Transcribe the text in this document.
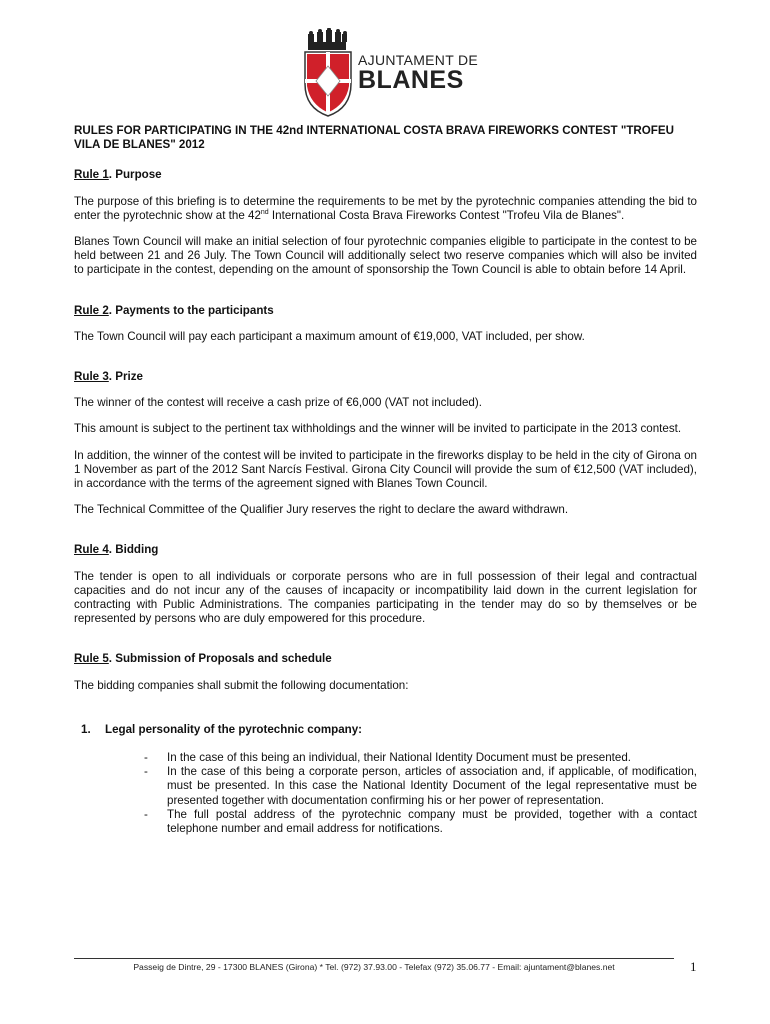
AJUNTAMENT DE
BLANES
RULES FOR PARTICIPATING IN THE 42nd INTERNATIONAL COSTA BRAVA FIREWORKS CONTEST "TROFEU VILA DE BLANES" 2012
Rule 1. Purpose

The purpose of this briefing is to determine the requirements to be met by the pyrotechnic companies attending the bid to enter the pyrotechnic show at the 42nd International Costa Brava Fireworks Contest "Trofeu Vila de Blanes".

Blanes Town Council will make an initial selection of four pyrotechnic companies eligible to participate in the contest to be held between 21 and 26 July. The Town Council will additionally select two reserve companies which will also be invited to participate in the contest, depending on the amount of sponsorship the Town Council is able to obtain before 14 April.

Rule 2. Payments to the participants

The Town Council will pay each participant a maximum amount of €19,000, VAT included, per show.

Rule 3. Prize

The winner of the contest will receive a cash prize of €6,000 (VAT not included).

This amount is subject to the pertinent tax withholdings and the winner will be invited to participate in the 2013 contest.

In addition, the winner of the contest will be invited to participate in the fireworks display to be held in the city of Girona on 1 November as part of the 2012 Sant Narcís Festival. Girona City Council will provide the sum of €12,500 (VAT included), in accordance with the terms of the agreement signed with Blanes Town Council.

The Technical Committee of the Qualifier Jury reserves the right to declare the award withdrawn.

Rule 4. Bidding

The tender is open to all individuals or corporate persons who are in full possession of their legal and contractual capacities and do not incur any of the causes of incapacity or incompatibility laid down in the current legislation for contracting with Public Administrations. The companies participating in the tender may do so by themselves or be represented by persons who are duly empowered for this procedure.

Rule 5. Submission of Proposals and schedule

The bidding companies shall submit the following documentation:

1. Legal personality of the pyrotechnic company:
- In the case of this being an individual, their National Identity Document must be presented.
- In the case of this being a corporate person, articles of association and, if applicable, of modification, must be presented. In this case the National Identity Document of the legal representative must be presented together with documentation confirming his or her power of representation.
- The full postal address of the pyrotechnic company must be provided, together with a contact telephone number and email address for notifications.
Passeig de Dintre, 29 - 17300 BLANES (Girona) * Tel. (972) 37.93.00 - Telefax (972) 35.06.77 - Email: ajuntament@blanes.net	1
